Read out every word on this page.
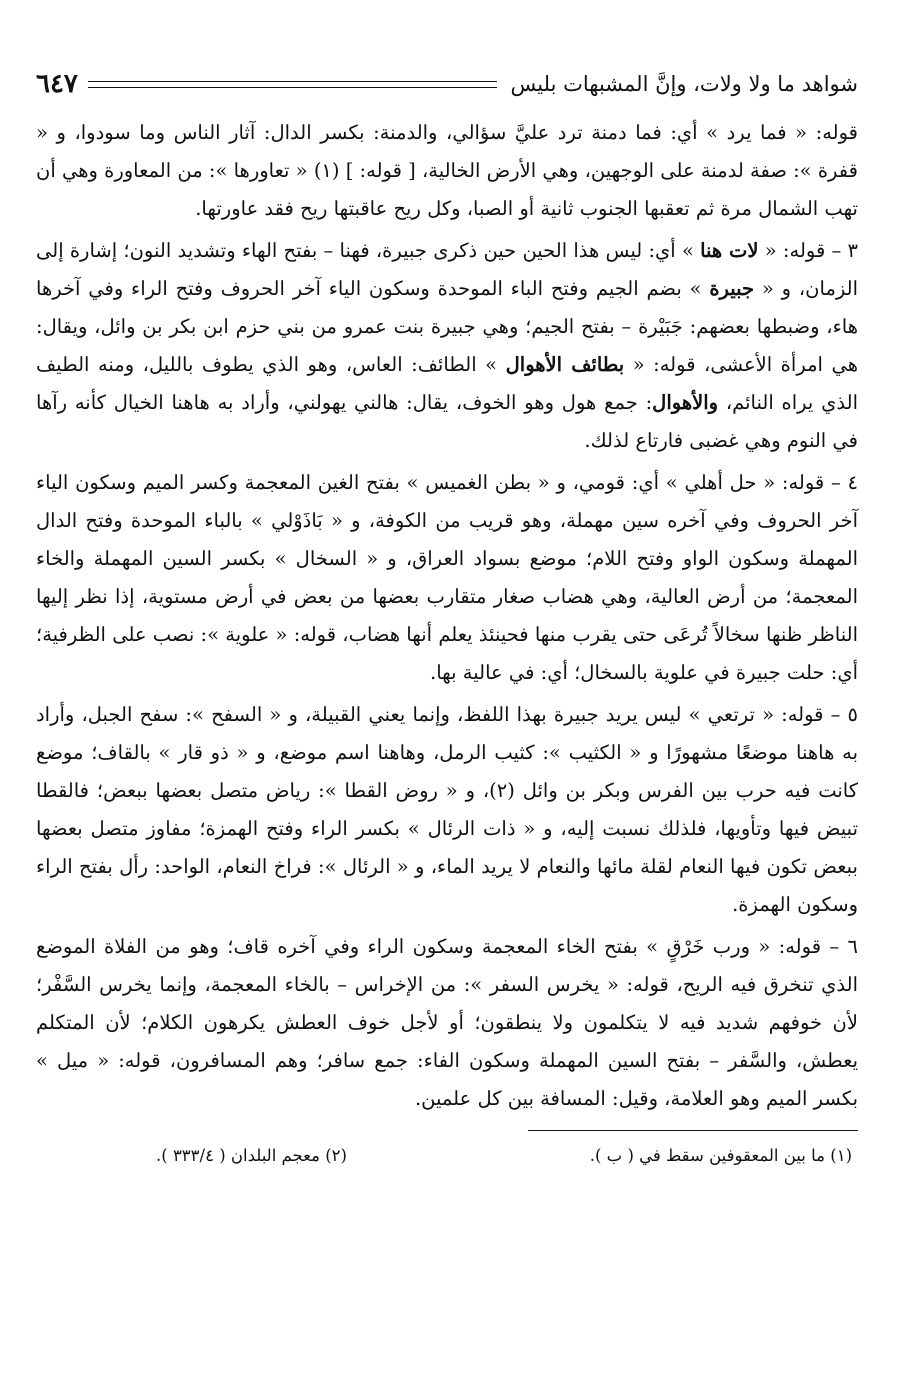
شواهد ما ولا ولات، وإنَّ المشبهات بليس
٦٤٧

قوله: « فما يرد » أي: فما دمنة ترد عليَّ سؤالي، والدمنة: بكسر الدال: آثار الناس وما سودوا، و « قفرة »: صفة لدمنة على الوجهين، وهي الأرض الخالية، [ قوله: ] (١) « تعاورها »: من المعاورة وهي أن تهب الشمال مرة ثم تعقبها الجنوب ثانية أو الصبا، وكل ريح عاقبتها ريح فقد عاورتها.

٣ – قوله: « لات هنا » أي: ليس هذا الحين حين ذكرى جبيرة، فهنا – بفتح الهاء وتشديد النون؛ إشارة إلى الزمان، و « جبيرة » بضم الجيم وفتح الباء الموحدة وسكون الياء آخر الحروف وفتح الراء وفي آخرها هاء، وضبطها بعضهم: جَبَيْرة – بفتح الجيم؛ وهي جبيرة بنت عمرو من بني حزم ابن بكر بن وائل، ويقال: هي امرأة الأعشى، قوله: « بطائف الأهوال » الطائف: العاس، وهو الذي يطوف بالليل، ومنه الطيف الذي يراه النائم، والأهوال: جمع هول وهو الخوف، يقال: هالني يهولني، وأراد به هاهنا الخيال كأنه رآها في النوم وهي غضبى فارتاع لذلك.

٤ – قوله: « حل أهلي » أي: قومي، و « بطن الغميس » بفتح الغين المعجمة وكسر الميم وسكون الياء آخر الحروف وفي آخره سين مهملة، وهو قريب من الكوفة، و « بَاذَوْلي » بالباء الموحدة وفتح الدال المهملة وسكون الواو وفتح اللام؛ موضع بسواد العراق، و « السخال » بكسر السين المهملة والخاء المعجمة؛ من أرض العالية، وهي هضاب صغار متقارب بعضها من بعض في أرض مستوية، إذا نظر إليها الناظر ظنها سخالاً تُرعَى حتى يقرب منها فحينئذ يعلم أنها هضاب، قوله: « علوية »: نصب على الظرفية؛ أي: حلت جبيرة في علوية بالسخال؛ أي: في عالية بها.

٥ – قوله: « ترتعي » ليس يريد جبيرة بهذا اللفظ، وإنما يعني القبيلة، و « السفح »: سفح الجبل، وأراد به هاهنا موضعًا مشهورًا و « الكثيب »: كثيب الرمل، وهاهنا اسم موضع، و « ذو قار » بالقاف؛ موضع كانت فيه حرب بين الفرس وبكر بن وائل (٢)، و « روض القطا »: رياض متصل بعضها ببعض؛ فالقطا تبيض فيها وتأويها، فلذلك نسبت إليه، و « ذات الرئال » بكسر الراء وفتح الهمزة؛ مفاوز متصل بعضها ببعض تكون فيها النعام لقلة مائها والنعام لا يريد الماء، و « الرئال »: فراخ النعام، الواحد: رأل بفتح الراء وسكون الهمزة.

٦ – قوله: « ورب خَرْقٍ » بفتح الخاء المعجمة وسكون الراء وفي آخره قاف؛ وهو من الفلاة الموضع الذي تنخرق فيه الريح، قوله: « يخرس السفر »: من الإخراس – بالخاء المعجمة، وإنما يخرس السَّفْر؛ لأن خوفهم شديد فيه لا يتكلمون ولا ينطقون؛ أو لأجل خوف العطش يكرهون الكلام؛ لأن المتكلم يعطش، والسَّفر – بفتح السين المهملة وسكون الفاء: جمع سافر؛ وهم المسافرون، قوله: « ميل » بكسر الميم وهو العلامة، وقيل: المسافة بين كل علمين.

(١) ما بين المعقوفين سقط في ( ب ).
(٢) معجم البلدان ( ٣٣٣/٤ ).
